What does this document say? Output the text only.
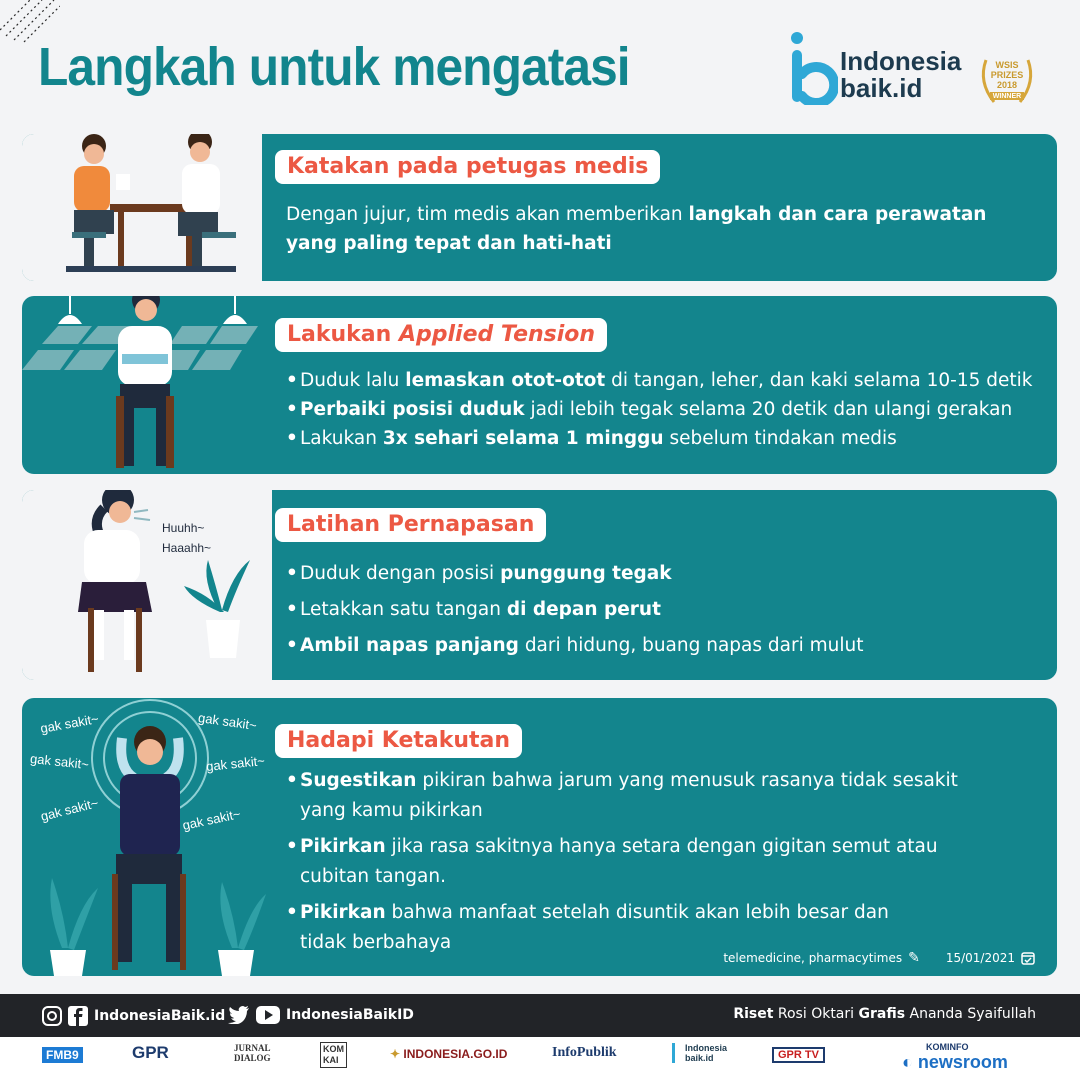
Langkah untuk mengatasi	Indonesia
baik.id
WSIS
PRIZES
2018
WINNER
Katakan pada petugas medis
Dengan jujur, tim medis akan memberikan langkah dan cara perawatan
yang paling tepat dan hati-hati
Lakukan Applied Tension
• Duduk lalu lemaskan otot-otot di tangan, leher, dan kaki selama 10-15 detik
• Perbaiki posisi duduk jadi lebih tegak selama 20 detik dan ulangi gerakan
• Lakukan 3x sehari selama 1 minggu sebelum tindakan medis
Huuhh~
Haaahh~
Latihan Pernapasan
• Duduk dengan posisi punggung tegak
• Letakkan satu tangan di depan perut
• Ambil napas panjang dari hidung, buang napas dari mulut
gak sakit~	gak sakit~
gak sakit~	gak sakit~
gak sakit~	gak sakit~
Hadapi Ketakutan
• Sugestikan pikiran bahwa jarum yang menusuk rasanya tidak sesakit
yang kamu pikirkan
• Pikirkan jika rasa sakitnya hanya setara dengan gigitan semut atau
cubitan tangan.
• Pikirkan bahwa manfaat setelah disuntik akan lebih besar dan
tidak berbahaya
telemedicine, pharmacytimes ✎ 15/01/2021
IndonesiaBaik.id	IndonesiaBaikID	Riset Rosi Oktari Grafis Ananda Syaifullah
FMB9	GPR	JURNAL
DIALOG
KOM
KAI	✦ INDONESIA.GO.ID	InfoPublik	Indonesia
baik.id	GPR TV
KOMINFO
◐ newsroom
